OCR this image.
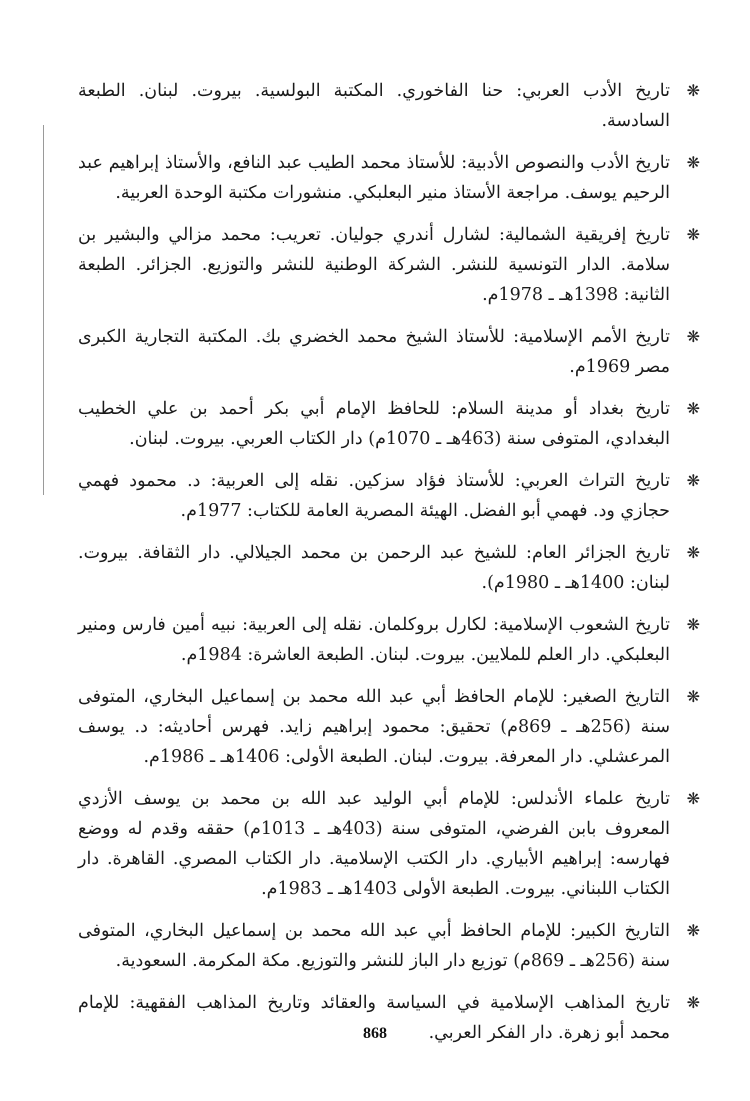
❋
تاريخ الأدب العربي: حنا الفاخوري. المكتبة البولسية. بيروت. لبنان. الطبعة السادسة.
❋
تاريخ الأدب والنصوص الأدبية: للأستاذ محمد الطيب عبد النافع، والأستاذ إبراهيم عبد الرحيم يوسف. مراجعة الأستاذ منير البعلبكي. منشورات مكتبة الوحدة العربية.
❋
تاريخ إفريقية الشمالية: لشارل أندري جوليان. تعريب: محمد مزالي والبشير بن سلامة. الدار التونسية للنشر. الشركة الوطنية للنشر والتوزيع. الجزائر. الطبعة الثانية: 1398هـ ـ 1978م.
❋
تاريخ الأمم الإسلامية: للأستاذ الشيخ محمد الخضري بك. المكتبة التجارية الكبرى مصر 1969م.
❋
تاريخ بغداد أو مدينة السلام: للحافظ الإمام أبي بكر أحمد بن علي الخطيب البغدادي، المتوفى سنة (463هـ ـ 1070م) دار الكتاب العربي. بيروت. لبنان.
❋
تاريخ التراث العربي: للأستاذ فؤاد سزكين. نقله إلى العربية: د. محمود فهمي حجازي ود. فهمي أبو الفضل. الهيئة المصرية العامة للكتاب: 1977م.
❋
تاريخ الجزائر العام: للشيخ عبد الرحمن بن محمد الجيلالي. دار الثقافة. بيروت. لبنان: 1400هـ ـ 1980م).
❋
تاريخ الشعوب الإسلامية: لكارل بروكلمان. نقله إلى العربية: نبيه أمين فارس ومنير البعلبكي. دار العلم للملايين. بيروت. لبنان. الطبعة العاشرة: 1984م.
❋
التاريخ الصغير: للإمام الحافظ أبي عبد الله محمد بن إسماعيل البخاري، المتوفى سنة (256هـ ـ 869م) تحقيق: محمود إبراهيم زايد. فهرس أحاديثه: د. يوسف المرعشلي. دار المعرفة. بيروت. لبنان. الطبعة الأولى: 1406هـ ـ 1986م.
❋
تاريخ علماء الأندلس: للإمام أبي الوليد عبد الله بن محمد بن يوسف الأزدي المعروف بابن الفرضي، المتوفى سنة (403هـ ـ 1013م) حققه وقدم له ووضع فهارسه: إبراهيم الأبياري. دار الكتب الإسلامية. دار الكتاب المصري. القاهرة. دار الكتاب اللبناني. بيروت. الطبعة الأولى 1403هـ ـ 1983م.
❋
التاريخ الكبير: للإمام الحافظ أبي عبد الله محمد بن إسماعيل البخاري، المتوفى سنة (256هـ ـ 869م) توزيع دار الباز للنشر والتوزيع. مكة المكرمة. السعودية.
❋
تاريخ المذاهب الإسلامية في السياسة والعقائد وتاريخ المذاهب الفقهية: للإمام محمد أبو زهرة. دار الفكر العربي.
868
